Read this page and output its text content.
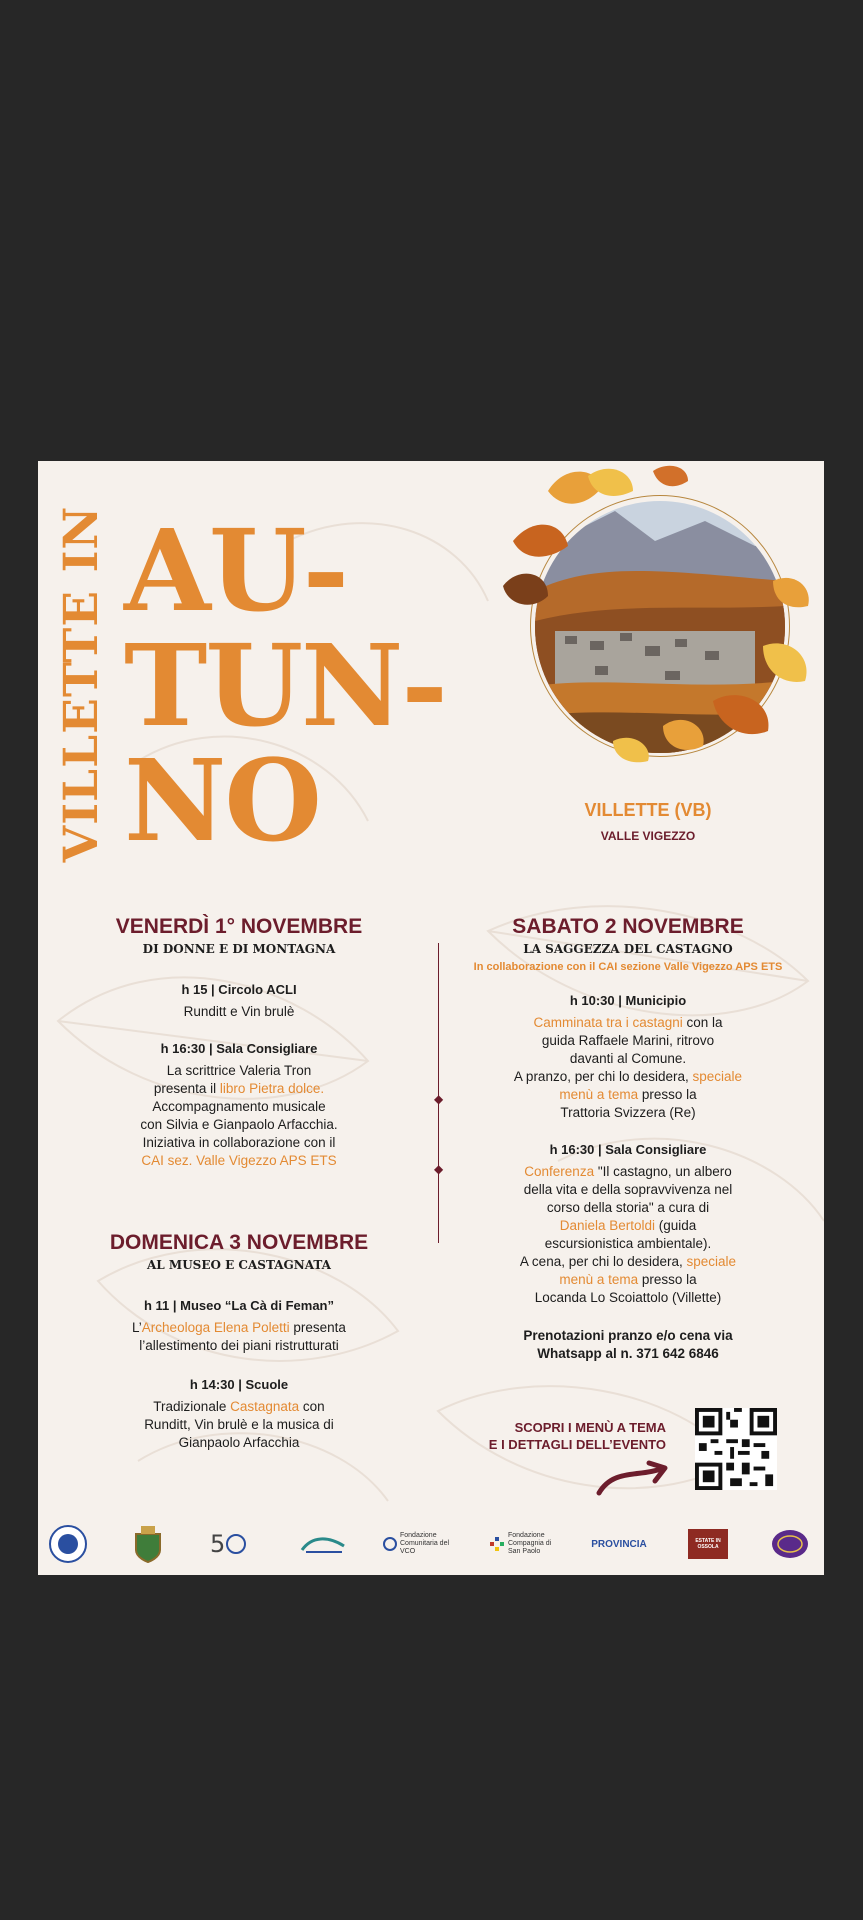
VILLETTE IN AU-
TUN-
NO	VILLETTE (VB)
VALLE VIGEZZO
VENERDÌ 1° NOVEMBRE
DI DONNE E DI MONTAGNA
h 15 | Circolo ACLI
Runditt e Vin brulè
h 16:30 | Sala Consigliare
La scrittrice Valeria Tron
presenta il libro Pietra dolce.
Accompagnamento musicale
con Silvia e Gianpaolo Arfacchia.
Iniziativa in collaborazione con il
CAI sez. Valle Vigezzo APS ETS
DOMENICA 3 NOVEMBRE
AL MUSEO E CASTAGNATA
h 11 | Museo “La Cà di Feman”
L’Archeologa Elena Poletti presenta
l’allestimento dei piani ristrutturati
h 14:30 | Scuole
Tradizionale Castagnata con
Runditt, Vin brulè e la musica di
Gianpaolo Arfacchia
◆
◆
SABATO 2 NOVEMBRE
LA SAGGEZZA DEL CASTAGNO
In collaborazione con il CAI sezione Valle Vigezzo APS ETS
h 10:30 | Municipio
Camminata tra i castagni con la
guida Raffaele Marini, ritrovo
davanti al Comune.
A pranzo, per chi lo desidera, speciale
menù a tema presso la
Trattoria Svizzera (Re)
h 16:30 | Sala Consigliare
Conferenza "Il castagno, un albero
della vita e della sopravvivenza nel
corso della storia" a cura di
Daniela Bertoldi (guida
escursionistica ambientale).
A cena, per chi lo desidera, speciale
menù a tema presso la
Locanda Lo Scoiattolo (Villette)
Prenotazioni pranzo e/o cena via
Whatsapp al n. 371 642 6846
SCOPRI I MENÙ A TEMA
E I DETTAGLI DELL’EVENTO
5	Fondazione Comunitaria del VCO
Fondazione Compagnia di San Paolo
PROVINCIA	ESTATE IN OSSOLA
